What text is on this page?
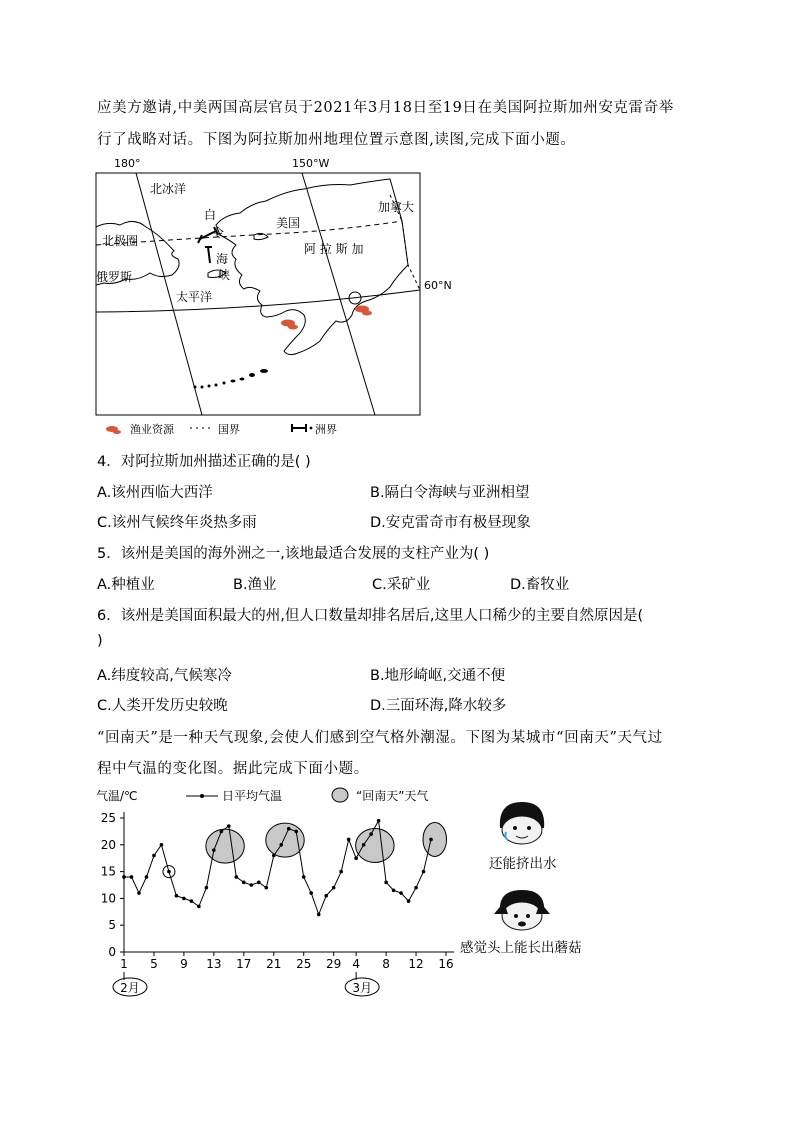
应美方邀请,中美两国高层官员于2021年3月18日至19日在美国阿拉斯加州安克雷奇举
行了战略对话。下图为阿拉斯加州地理位置示意图,读图,完成下面小题。
180°	150°W
60°N
北冰洋
加拿大
美国
阿 拉 斯 加
北极圈
俄罗斯
太平洋
白
令
海
峡
渔业资源	国界	洲界
4．对阿拉斯加州描述正确的是( )
A.该州西临大西洋	B.隔白令海峡与亚洲相望
C.该州气候终年炎热多雨	D.安克雷奇市有极昼现象
5．该州是美国的海外洲之一,该地最适合发展的支柱产业为( )
A.种植业	B.渔业	C.采矿业	D.畜牧业
6．该州是美国面积最大的州,但人口数量却排名居后,这里人口稀少的主要自然原因是(
)
A.纬度较高,气候寒冷	B.地形崎岖,交通不便
C.人类开发历史较晚	D.三面环海,降水较多
“回南天”是一种天气现象,会使人们感到空气格外潮湿。下图为某城市“回南天”天气过
程中气温的变化图。据此完成下面小题。
气温/℃	日平均气温	“回南天”天气
0
5
10
15
20
25
1 5 9 13 17 21 25 29 4 8 12 16
2月	3月
还能挤出水
感觉头上能长出蘑菇
